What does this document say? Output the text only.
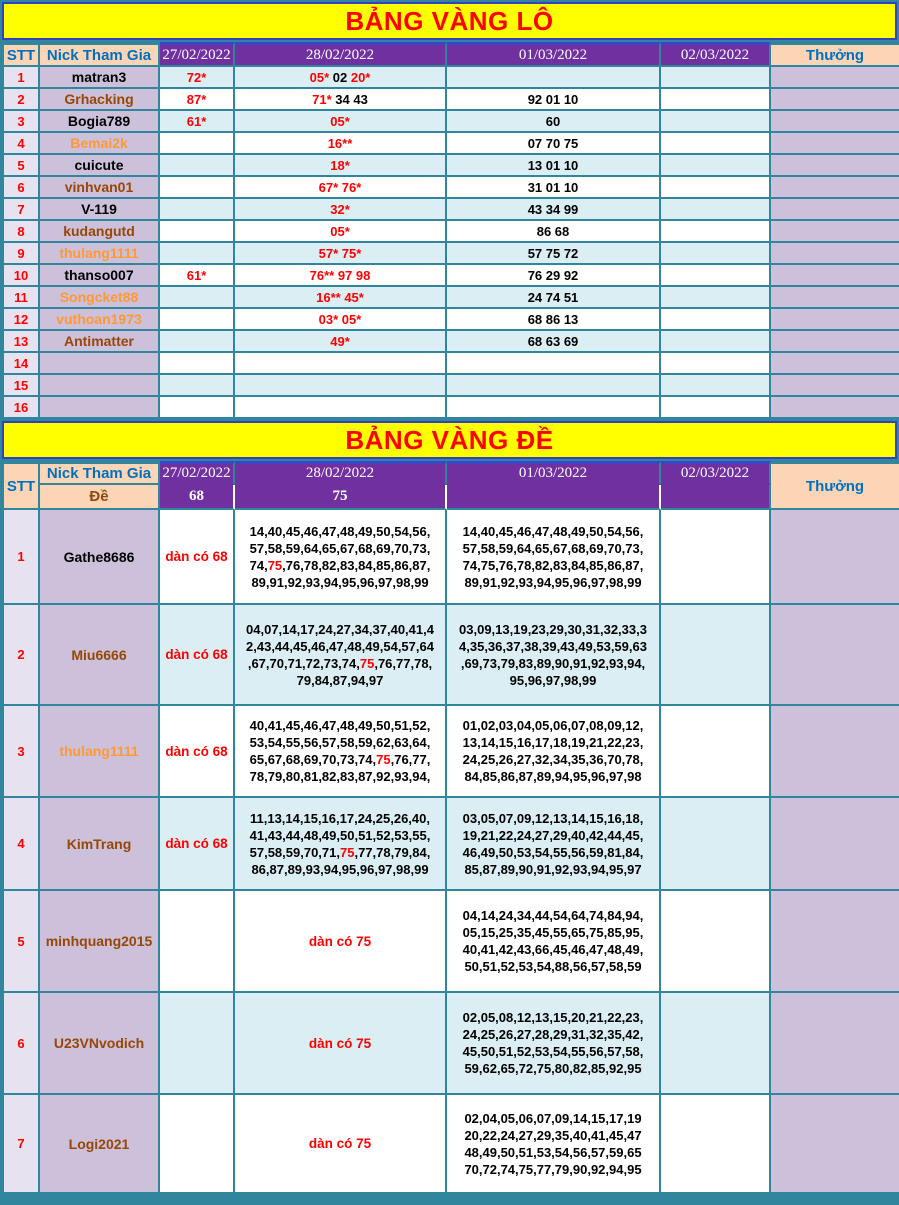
BẢNG VÀNG LÔ
STT	Nick Tham Gia	27/02/2022	28/02/2022	01/03/2022	02/03/2022	Thưởng
1	matran3	72*	05* 02 20*			
2	Grhacking	87*	71* 34 43	92 01 10		
3	Bogia789	61*	05*	60		
4	Bemai2k		16**	07 70 75		
5	cuicute		18*	13 01 10		
6	vinhvan01		67* 76*	31 01 10		
7	V-119		32*	43 34 99		
8	kudangutd		05*	86 68		
9	thulang1111		57* 75*	57 75 72		
10	thanso007	61*	76** 97 98	76 29 92		
11	Songcket88		16** 45*	24 74 51		
12	vuthoan1973		03* 05*	68 86 13		
13	Antimatter		49*	68 63 69		
14						
15						
16						
BẢNG VÀNG ĐỀ
STT	Nick Tham Gia	27/02/2022	28/02/2022	01/03/2022	02/03/2022	Thưởng
	Đề	68	75			
1	Gathe8686	dàn có 68	14,40,45,46,47,48,49,50,54,56,
57,58,59,64,65,67,68,69,70,73,
74,75,76,78,82,83,84,85,86,87,
89,91,92,93,94,95,96,97,98,99	14,40,45,46,47,48,49,50,54,56,
57,58,59,64,65,67,68,69,70,73,
74,75,76,78,82,83,84,85,86,87,
89,91,92,93,94,95,96,97,98,99		
2	Miu6666	dàn có 68	04,07,14,17,24,27,34,37,40,41,4
2,43,44,45,46,47,48,49,54,57,64
,67,70,71,72,73,74,75,76,77,78,
79,84,87,94,97	03,09,13,19,23,29,30,31,32,33,3
4,35,36,37,38,39,43,49,53,59,63
,69,73,79,83,89,90,91,92,93,94,
95,96,97,98,99		
3	thulang1111	dàn có 68	40,41,45,46,47,48,49,50,51,52,
53,54,55,56,57,58,59,62,63,64,
65,67,68,69,70,73,74,75,76,77,
78,79,80,81,82,83,87,92,93,94,	01,02,03,04,05,06,07,08,09,12,
13,14,15,16,17,18,19,21,22,23,
24,25,26,27,32,34,35,36,70,78,
84,85,86,87,89,94,95,96,97,98		
4	KimTrang	dàn có 68	11,13,14,15,16,17,24,25,26,40,
41,43,44,48,49,50,51,52,53,55,
57,58,59,70,71,75,77,78,79,84,
86,87,89,93,94,95,96,97,98,99	03,05,07,09,12,13,14,15,16,18,
19,21,22,24,27,29,40,42,44,45,
46,49,50,53,54,55,56,59,81,84,
85,87,89,90,91,92,93,94,95,97		
5	minhquang2015		dàn có 75	04,14,24,34,44,54,64,74,84,94,
05,15,25,35,45,55,65,75,85,95,
40,41,42,43,66,45,46,47,48,49,
50,51,52,53,54,88,56,57,58,59		
6	U23VNvodich		dàn có 75	02,05,08,12,13,15,20,21,22,23,
24,25,26,27,28,29,31,32,35,42,
45,50,51,52,53,54,55,56,57,58,
59,62,65,72,75,80,82,85,92,95		
7	Logi2021		dàn có 75	02,04,05,06,07,09,14,15,17,19
20,22,24,27,29,35,40,41,45,47
48,49,50,51,53,54,56,57,59,65
70,72,74,75,77,79,90,92,94,95		
